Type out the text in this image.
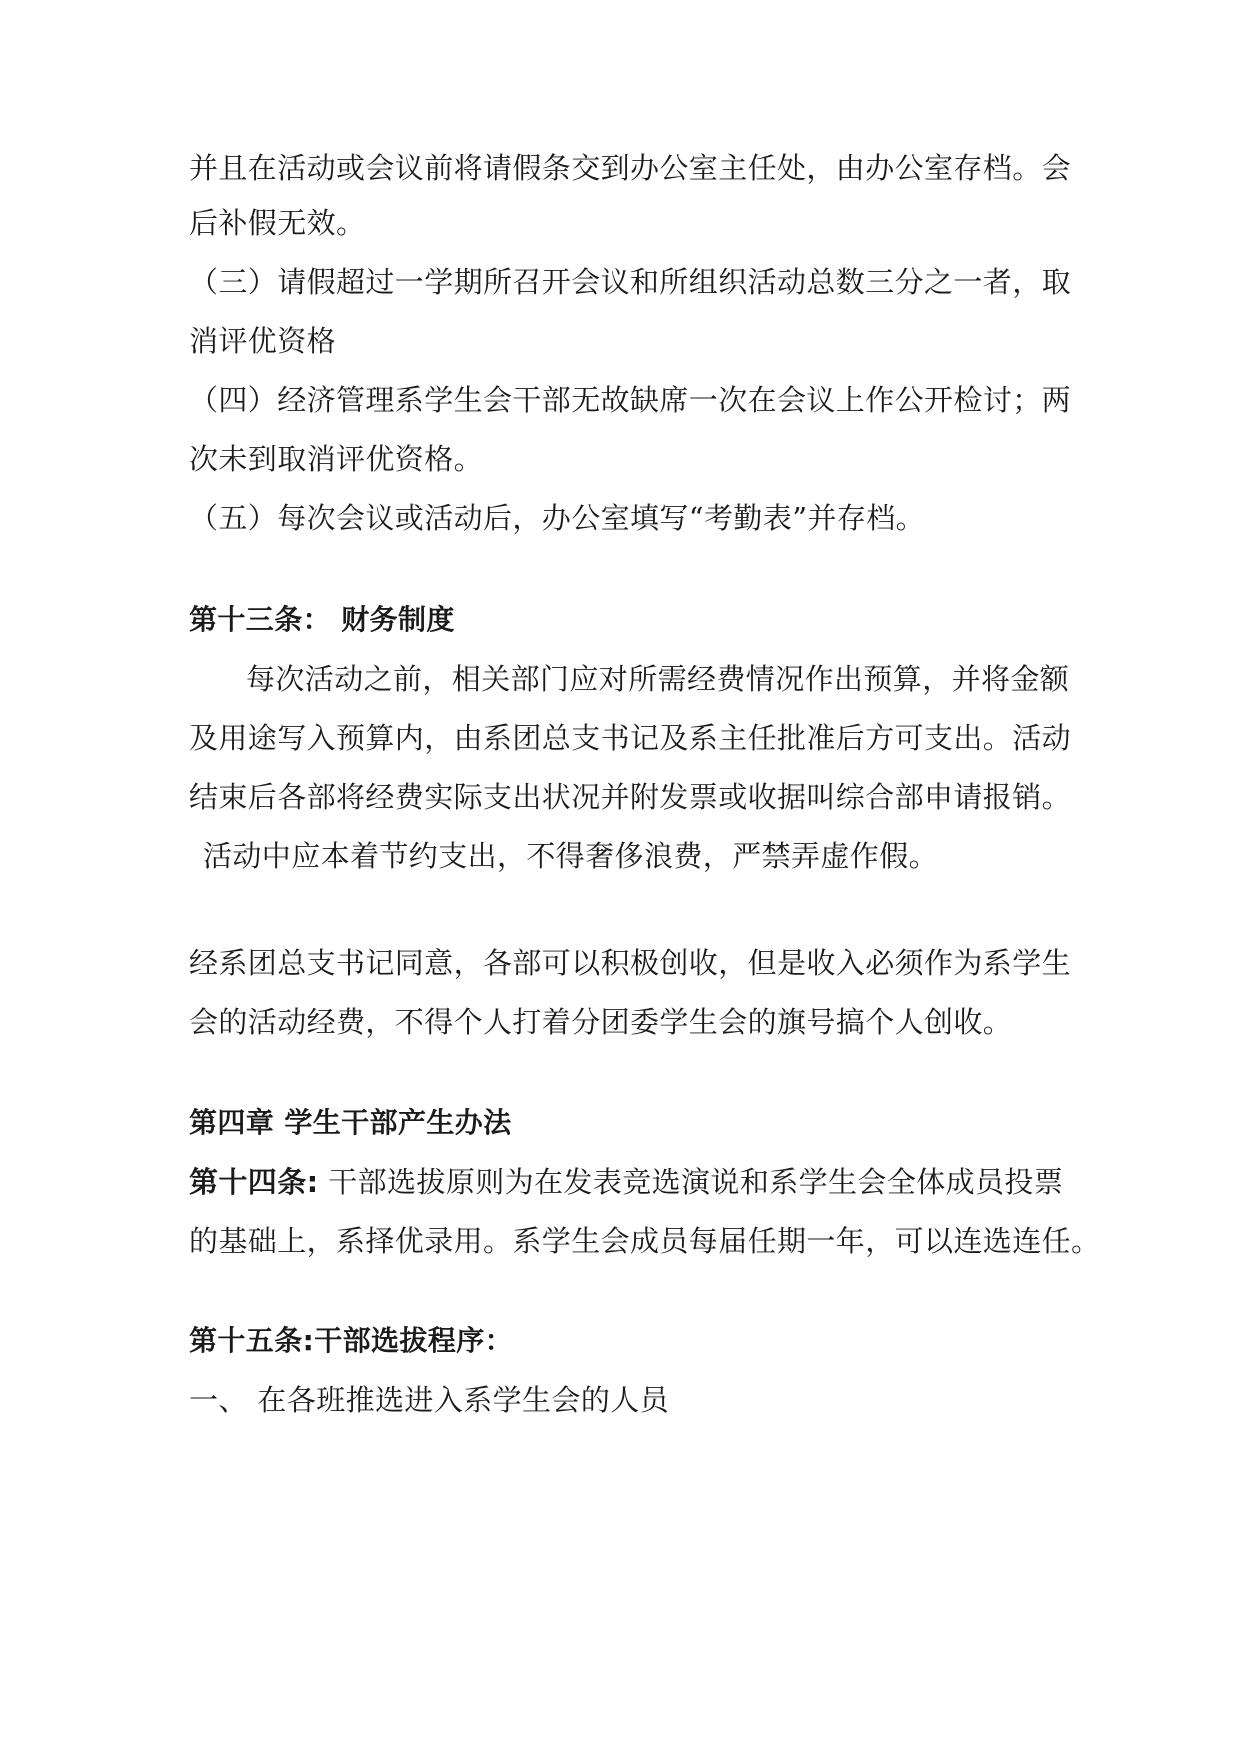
并且在活动或会议前将请假条交到办公室主任处，由办公室存档。会
后补假无效。
（三）请假超过一学期所召开会议和所组织活动总数三分之一者，取
消评优资格
（四）经济管理系学生会干部无故缺席一次在会议上作公开检讨；两
次未到取消评优资格。
（五）每次会议或活动后，办公室填写“考勤表”并存档。
第十三条： 财务制度
每次活动之前，相关部门应对所需经费情况作出预算，并将金额
及用途写入预算内，由系团总支书记及系主任批准后方可支出。活动
结束后各部将经费实际支出状况并附发票或收据叫综合部申请报销。
活动中应本着节约支出，不得奢侈浪费，严禁弄虚作假。
经系团总支书记同意，各部可以积极创收，但是收入必须作为系学生
会的活动经费，不得个人打着分团委学生会的旗号搞个人创收。
第四章 学生干部产生办法
第十四条: 干部选拔原则为在发表竞选演说和系学生会全体成员投票
的基础上，系择优录用。系学生会成员每届任期一年，可以连选连任。
第十五条:干部选拔程序：
一、 在各班推选进入系学生会的人员
